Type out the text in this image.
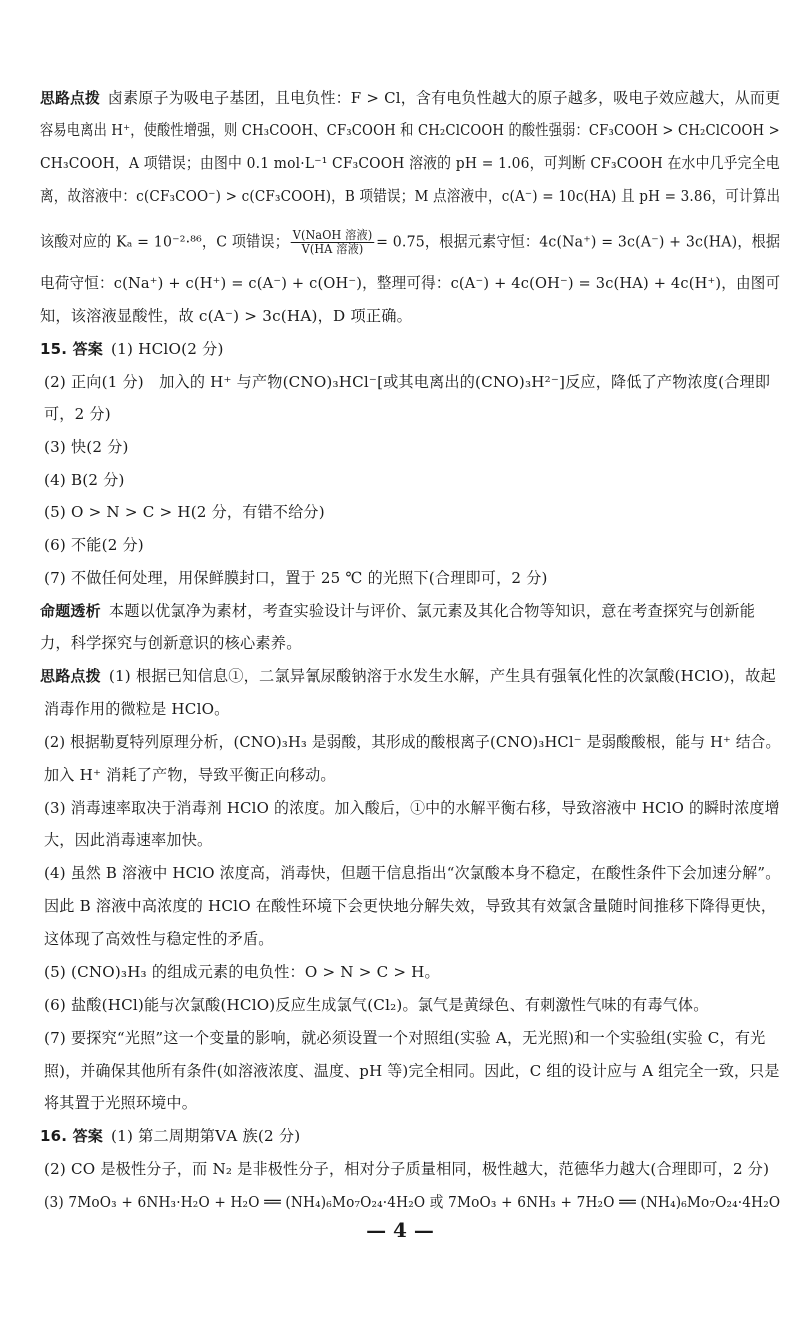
思路点拨 卤素原子为吸电子基团，且电负性：F > Cl，含有电负性越大的原子越多，吸电子效应越大，从而更
容易电离出 H⁺，使酸性增强，则 CH₃COOH、CF₃COOH 和 CH₂ClCOOH 的酸性强弱：CF₃COOH > CH₂ClCOOH >
CH₃COOH，A 项错误；由图中 0.1 mol·L⁻¹ CF₃COOH 溶液的 pH = 1.06，可判断 CF₃COOH 在水中几乎完全电
离，故溶液中：c(CF₃COO⁻) > c(CF₃COOH)，B 项错误；M 点溶液中，c(A⁻) = 10c(HA) 且 pH = 3.86，可计算出
该酸对应的 Kₐ = 10⁻²·⁸⁶，C 项错误； $\frac{\text{V(NaOH 溶液)}}{\text{V(HA 溶液)}} = 0.75$，根据元素守恒：4c(Na⁺) = 3c(A⁻) + 3c(HA)，根据
电荷守恒：c(Na⁺) + c(H⁺) = c(A⁻) + c(OH⁻)，整理可得：c(A⁻) + 4c(OH⁻) = 3c(HA) + 4c(H⁺)，由图可
知，该溶液显酸性，故 c(A⁻) > 3c(HA)，D 项正确。
15. 答案 (1) HClO(2 分)
(2) 正向(1 分)　加入的 H⁺ 与产物(CNO)₃HCl⁻[或其电离出的(CNO)₃H²⁻]反应，降低了产物浓度(合理即
可，2 分)
(3) 快(2 分)
(4) B(2 分)
(5) O > N > C > H(2 分，有错不给分)
(6) 不能(2 分)
(7) 不做任何处理，用保鲜膜封口，置于 25 ℃ 的光照下(合理即可，2 分)
命题透析 本题以优氯净为素材，考查实验设计与评价、氯元素及其化合物等知识，意在考查探究与创新能
力，科学探究与创新意识的核心素养。
思路点拨 (1) 根据已知信息①，二氯异氰尿酸钠溶于水发生水解，产生具有强氧化性的次氯酸(HClO)，故起
消毒作用的微粒是 HClO。
(2) 根据勒夏特列原理分析，(CNO)₃H₃ 是弱酸，其形成的酸根离子(CNO)₃HCl⁻ 是弱酸酸根，能与 H⁺ 结合。
加入 H⁺ 消耗了产物，导致平衡正向移动。
(3) 消毒速率取决于消毒剂 HClO 的浓度。加入酸后，①中的水解平衡右移，导致溶液中 HClO 的瞬时浓度增
大，因此消毒速率加快。
(4) 虽然 B 溶液中 HClO 浓度高，消毒快，但题干信息指出“次氯酸本身不稳定，在酸性条件下会加速分解”。
因此 B 溶液中高浓度的 HClO 在酸性环境下会更快地分解失效，导致其有效氯含量随时间推移下降得更快，
这体现了高效性与稳定性的矛盾。
(5) (CNO)₃H₃ 的组成元素的电负性：O > N > C > H。
(6) 盐酸(HCl)能与次氯酸(HClO)反应生成氯气(Cl₂)。氯气是黄绿色、有刺激性气味的有毒气体。
(7) 要探究“光照”这一个变量的影响，就必须设置一个对照组(实验 A，无光照)和一个实验组(实验 C，有光
照)，并确保其他所有条件(如溶液浓度、温度、pH 等)完全相同。因此，C 组的设计应与 A 组完全一致，只是
将其置于光照环境中。
16. 答案 (1) 第二周期第ⅤA 族(2 分)
(2) CO 是极性分子，而 N₂ 是非极性分子，相对分子质量相同，极性越大，范德华力越大(合理即可，2 分)
(3) 7MoO₃ + 6NH₃·H₂O + H₂O ══ (NH₄)₆Mo₇O₂₄·4H₂O 或 7MoO₃ + 6NH₃ + 7H₂O ══ (NH₄)₆Mo₇O₂₄·4H₂O
— 4 —
